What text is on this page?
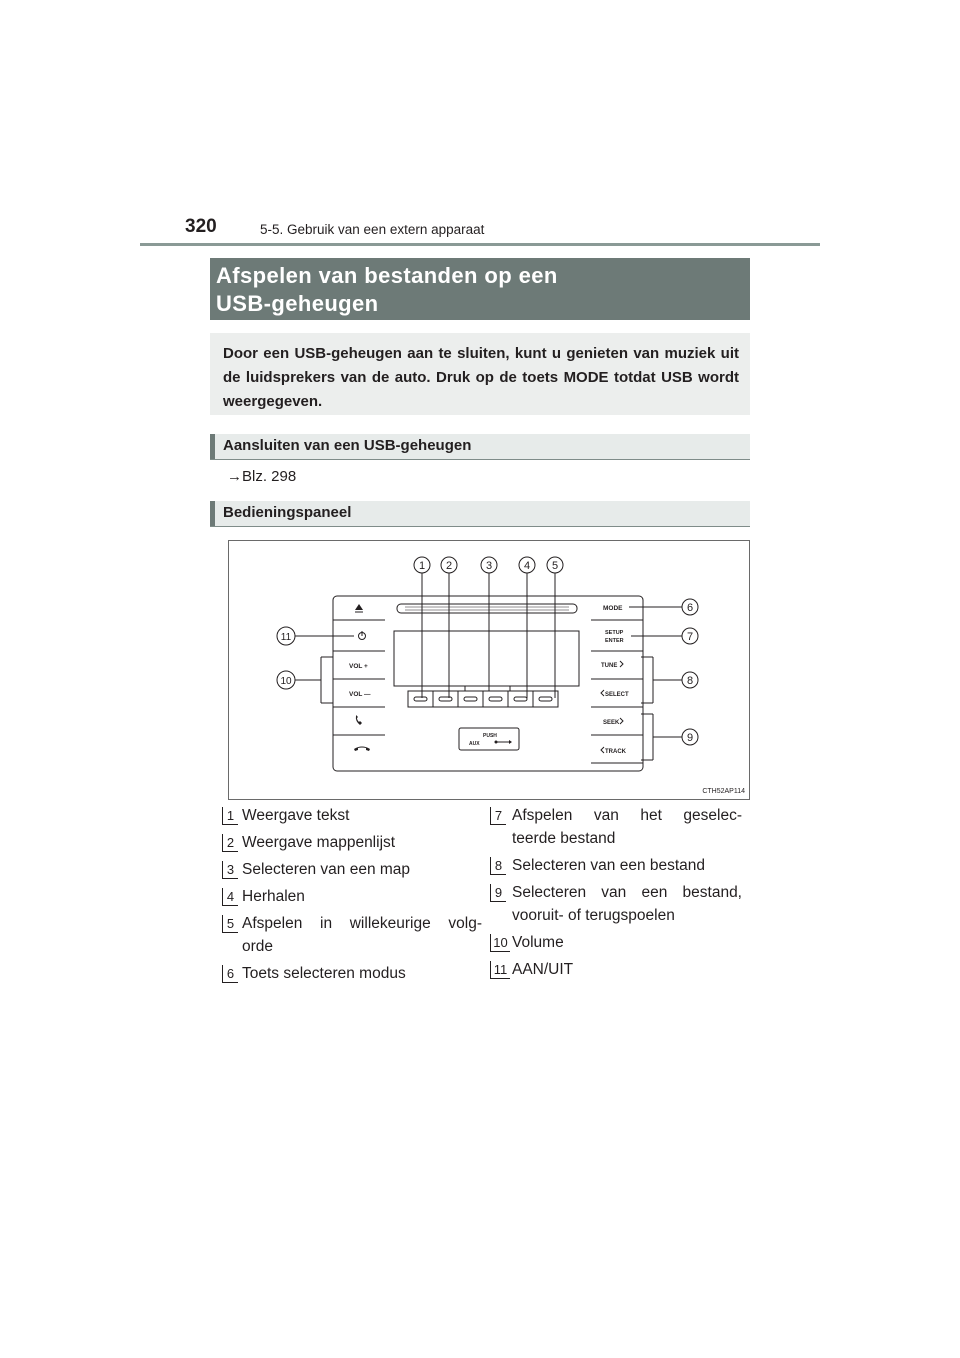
320	5-5. Gebruik van een extern apparaat
Afspelen van bestanden op een
USB-geheugen
Door een USB-geheugen aan te sluiten, kunt u genieten van muziek uit de luidsprekers van de auto. Druk op de toets MODE totdat USB wordt weergegeven.
Aansluiten van een USB-geheugen
→Blz. 298
Bedieningspaneel
VOL +
VOL —
MODE
SETUP
ENTER
TUNE
SELECT
SEEK
TRACK
PUSH
AUX
1 2	3	4 5
6
7
8
9
10
11
CTH52AP114
1 Weergave tekst
2 Weergave mappenlijst
3 Selecteren van een map
4 Herhalen
5 Afspelen in willekeurige volg-
orde
6 Toets selecteren modus
7 Afspelen van het geselec-
teerde bestand
8 Selecteren van een bestand
9 Selecteren van een bestand,
vooruit- of terugspoelen
10 Volume
11 AAN/UIT
